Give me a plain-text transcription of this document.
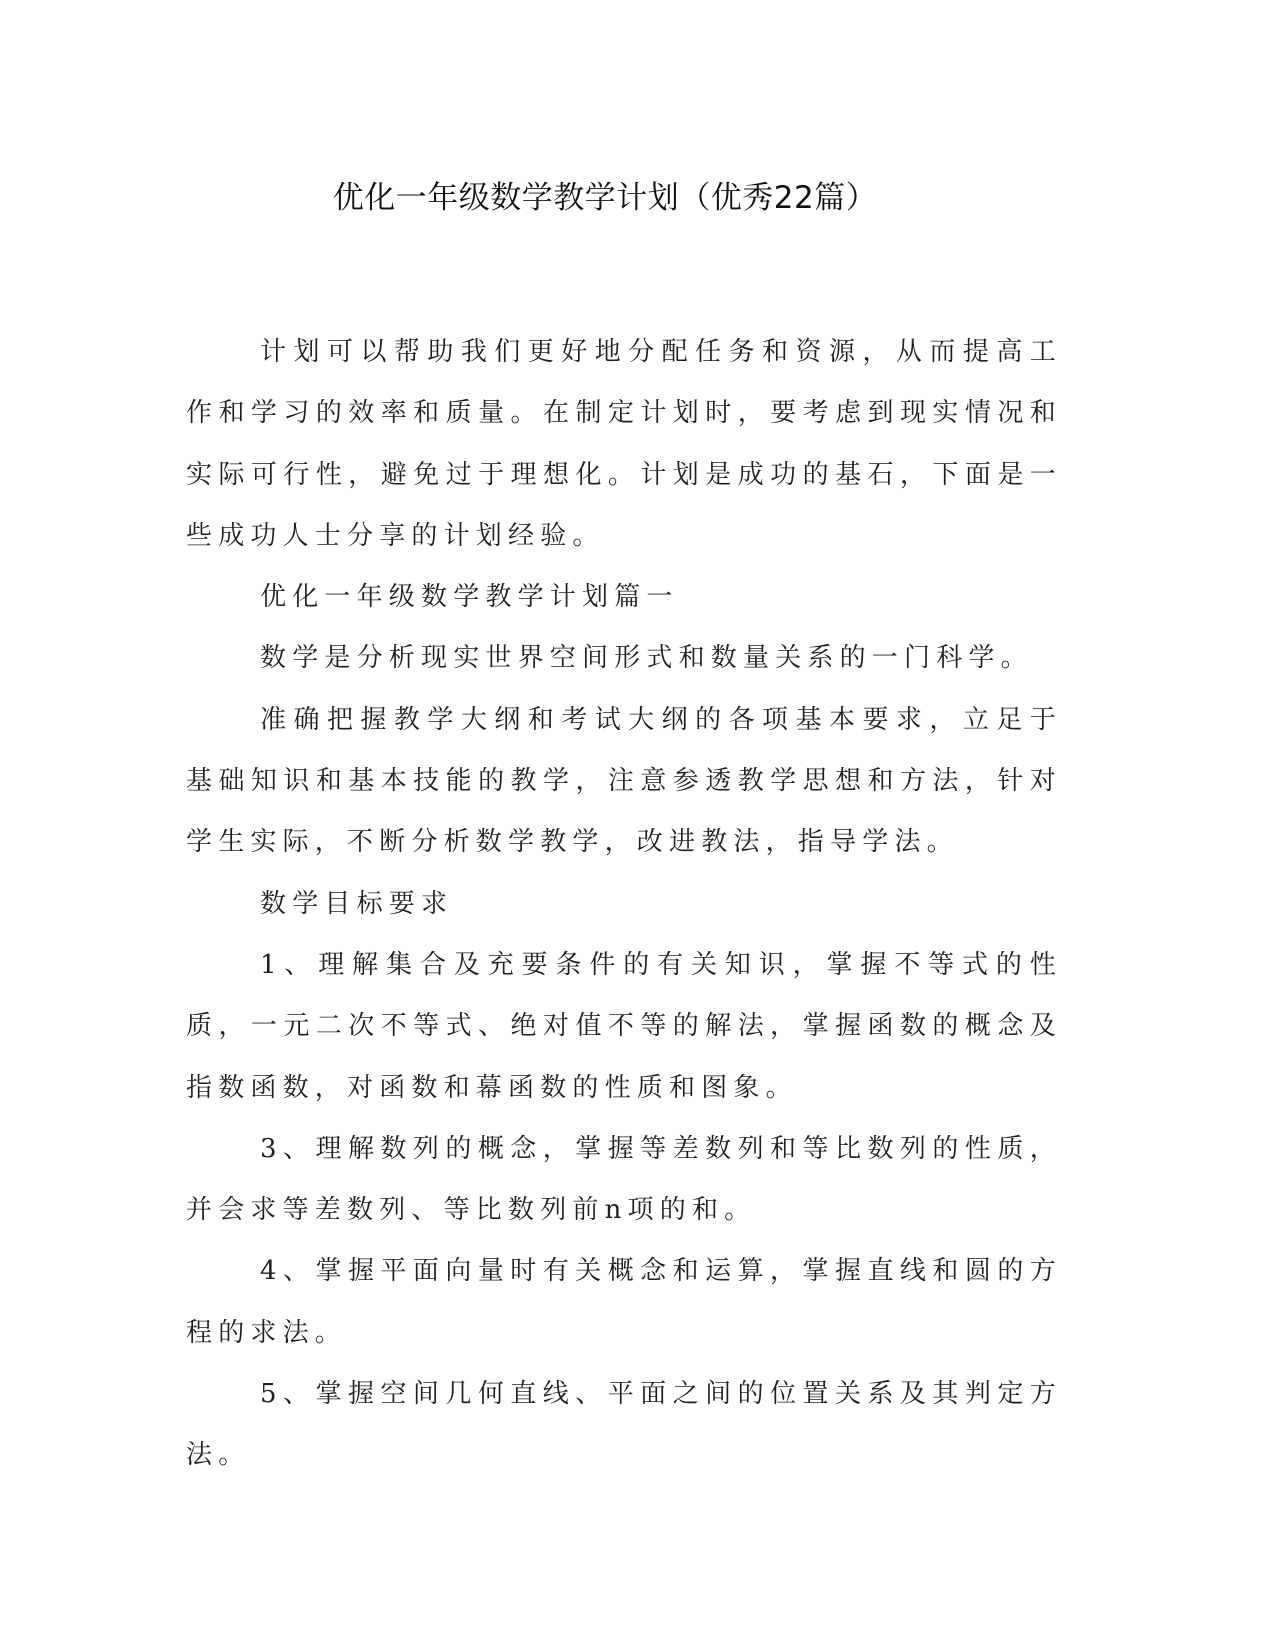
优化一年级数学教学计划（优秀22篇）

计划可以帮助我们更好地分配任务和资源，从而提高工作和学习的效率和质量。在制定计划时，要考虑到现实情况和实际可行性，避免过于理想化。计划是成功的基石，下面是一些成功人士分享的计划经验。

优化一年级数学教学计划篇一

数学是分析现实世界空间形式和数量关系的一门科学。

准确把握教学大纲和考试大纲的各项基本要求，立足于基础知识和基本技能的教学，注意参透教学思想和方法，针对学生实际，不断分析数学教学，改进教法，指导学法。

数学目标要求

1、理解集合及充要条件的有关知识，掌握不等式的性质，一元二次不等式、绝对值不等的解法，掌握函数的概念及指数函数，对函数和幕函数的性质和图象。

3、理解数列的概念，掌握等差数列和等比数列的性质，并会求等差数列、等比数列前n项的和。

4、掌握平面向量时有关概念和运算，掌握直线和圆的方程的求法。

5、掌握空间几何直线、平面之间的位置关系及其判定方法。
